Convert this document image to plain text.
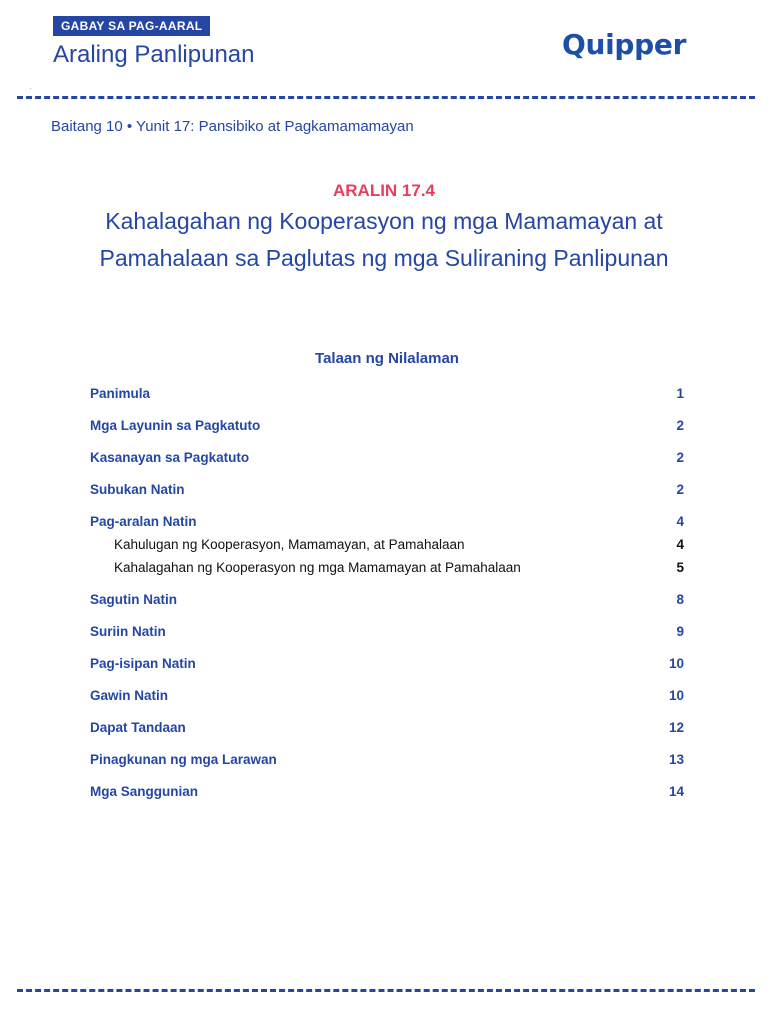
GABAY SA PAG-AARAL
Araling Panlipunan	Quipper
Baitang 10 • Yunit 17: Pansibiko at Pagkamamamayan
ARALIN 17.4
Kahalagahan ng Kooperasyon ng mga Mamamayan at Pamahalaan sa Paglutas ng mga Suliraning Panlipunan
Talaan ng Nilalaman
Panimula	1
Mga Layunin sa Pagkatuto	2
Kasanayan sa Pagkatuto	2
Subukan Natin	2
Pag-aralan Natin	4
Kahulugan ng Kooperasyon, Mamamayan, at Pamahalaan	4
Kahalagahan ng Kooperasyon ng mga Mamamayan at Pamahalaan	5
Sagutin Natin	8
Suriin Natin	9
Pag-isipan Natin	10
Gawin Natin	10
Dapat Tandaan	12
Pinagkunan ng mga Larawan	13
Mga Sanggunian	14
